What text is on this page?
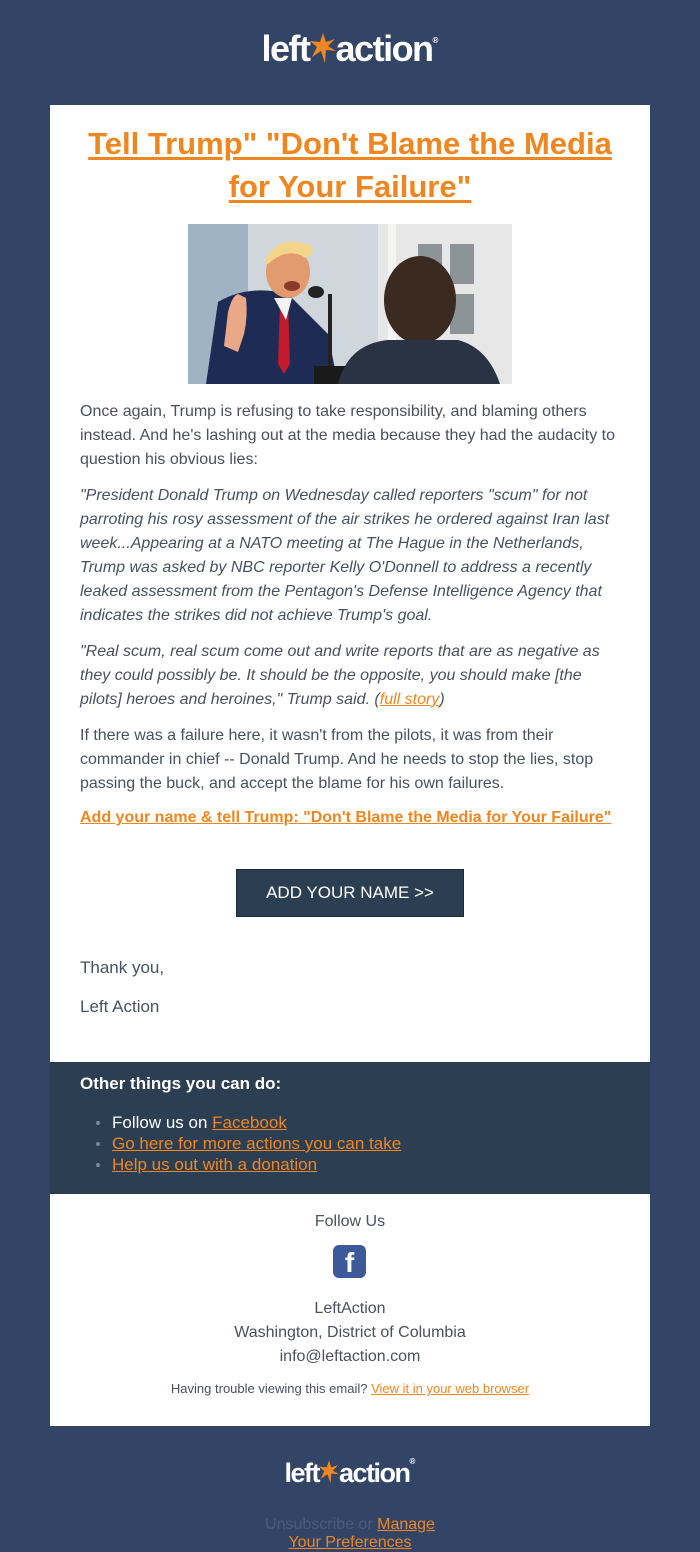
left action®
Tell Trump" "Don't Blame the Media for Your Failure"

Once again, Trump is refusing to take responsibility, and blaming others instead. And he's lashing out at the media because they had the audacity to question his obvious lies:

"President Donald Trump on Wednesday called reporters "scum" for not parroting his rosy assessment of the air strikes he ordered against Iran last week...Appearing at a NATO meeting at The Hague in the Netherlands, Trump was asked by NBC reporter Kelly O'Donnell to address a recently leaked assessment from the Pentagon's Defense Intelligence Agency that indicates the strikes did not achieve Trump's goal.

"Real scum, real scum come out and write reports that are as negative as they could possibly be. It should be the opposite, you should make [the pilots] heroes and heroines," Trump said. (full story)

If there was a failure here, it wasn't from the pilots, it was from their commander in chief -- Donald Trump. And he needs to stop the lies, stop passing the buck, and accept the blame for his own failures.

Add your name & tell Trump: "Don't Blame the Media for Your Failure"
ADD YOUR NAME >>
Thank you,
Left Action
Other things you can do:
Follow us on Facebook
Go here for more actions you can take
Help us out with a donation
Follow Us
f
LeftAction
Washington, District of Columbia
info@leftaction.com
Having trouble viewing this email? View it in your web browser
left action®
Unsubscribe or Manage
Your Preferences
